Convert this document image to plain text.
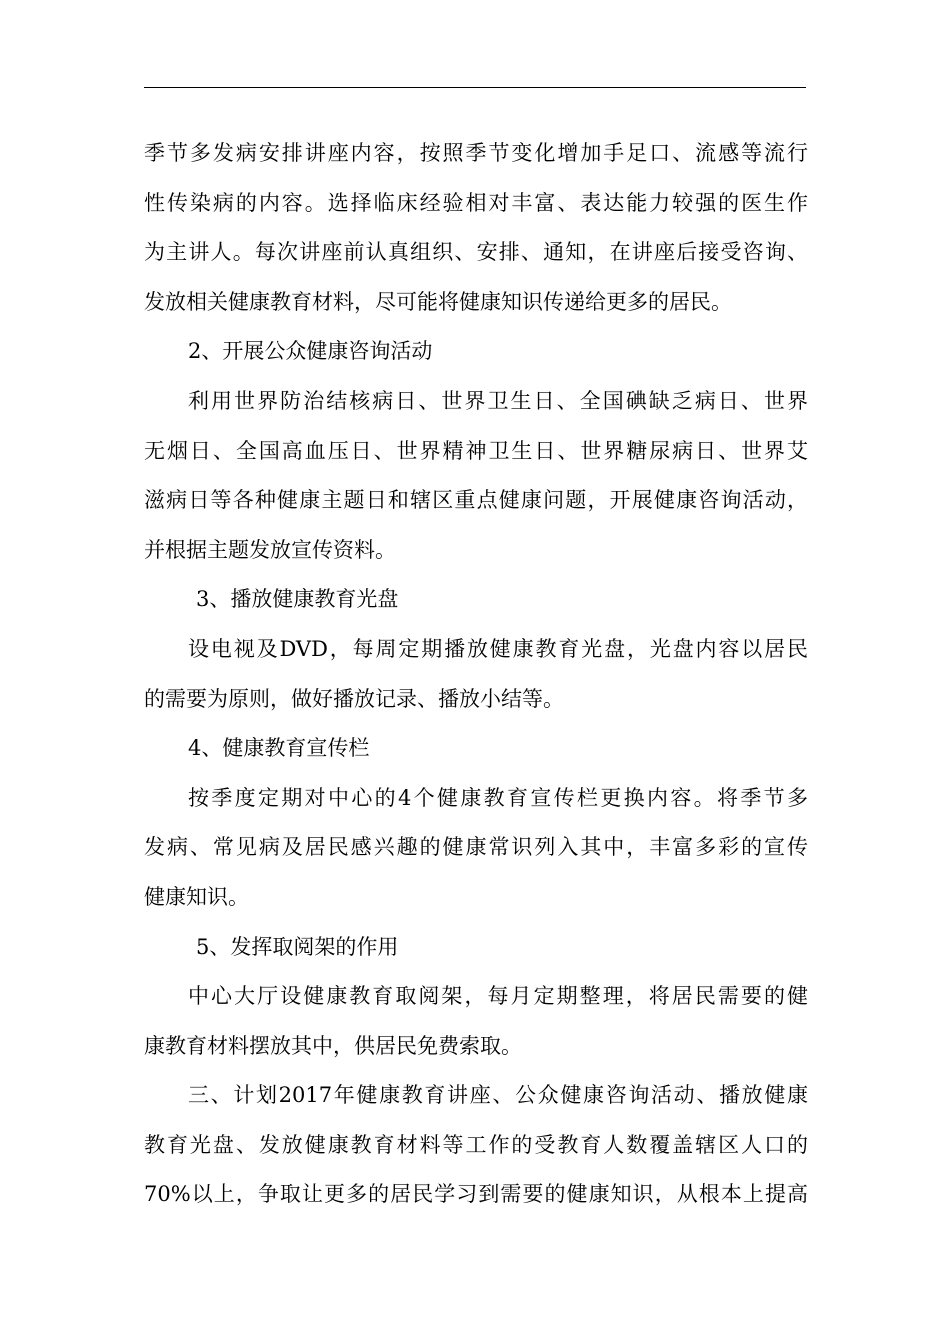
季节多发病安排讲座内容，按照季节变化增加手足口、流感等流行
性传染病的内容。选择临床经验相对丰富、表达能力较强的医生作
为主讲人。每次讲座前认真组织、安排、通知，在讲座后接受咨询、
发放相关健康教育材料，尽可能将健康知识传递给更多的居民。
2、开展公众健康咨询活动
利用世界防治结核病日、世界卫生日、全国碘缺乏病日、世界
无烟日、全国高血压日、世界精神卫生日、世界糖尿病日、世界艾
滋病日等各种健康主题日和辖区重点健康问题，开展健康咨询活动，
并根据主题发放宣传资料。
3、播放健康教育光盘
设电视及DVD，每周定期播放健康教育光盘，光盘内容以居民
的需要为原则，做好播放记录、播放小结等。
4、健康教育宣传栏
按季度定期对中心的4个健康教育宣传栏更换内容。将季节多
发病、常见病及居民感兴趣的健康常识列入其中，丰富多彩的宣传
健康知识。
5、发挥取阅架的作用
中心大厅设健康教育取阅架，每月定期整理，将居民需要的健
康教育材料摆放其中，供居民免费索取。
三、计划2017年健康教育讲座、公众健康咨询活动、播放健康
教育光盘、发放健康教育材料等工作的受教育人数覆盖辖区人口的
70%以上，争取让更多的居民学习到需要的健康知识，从根本上提高
